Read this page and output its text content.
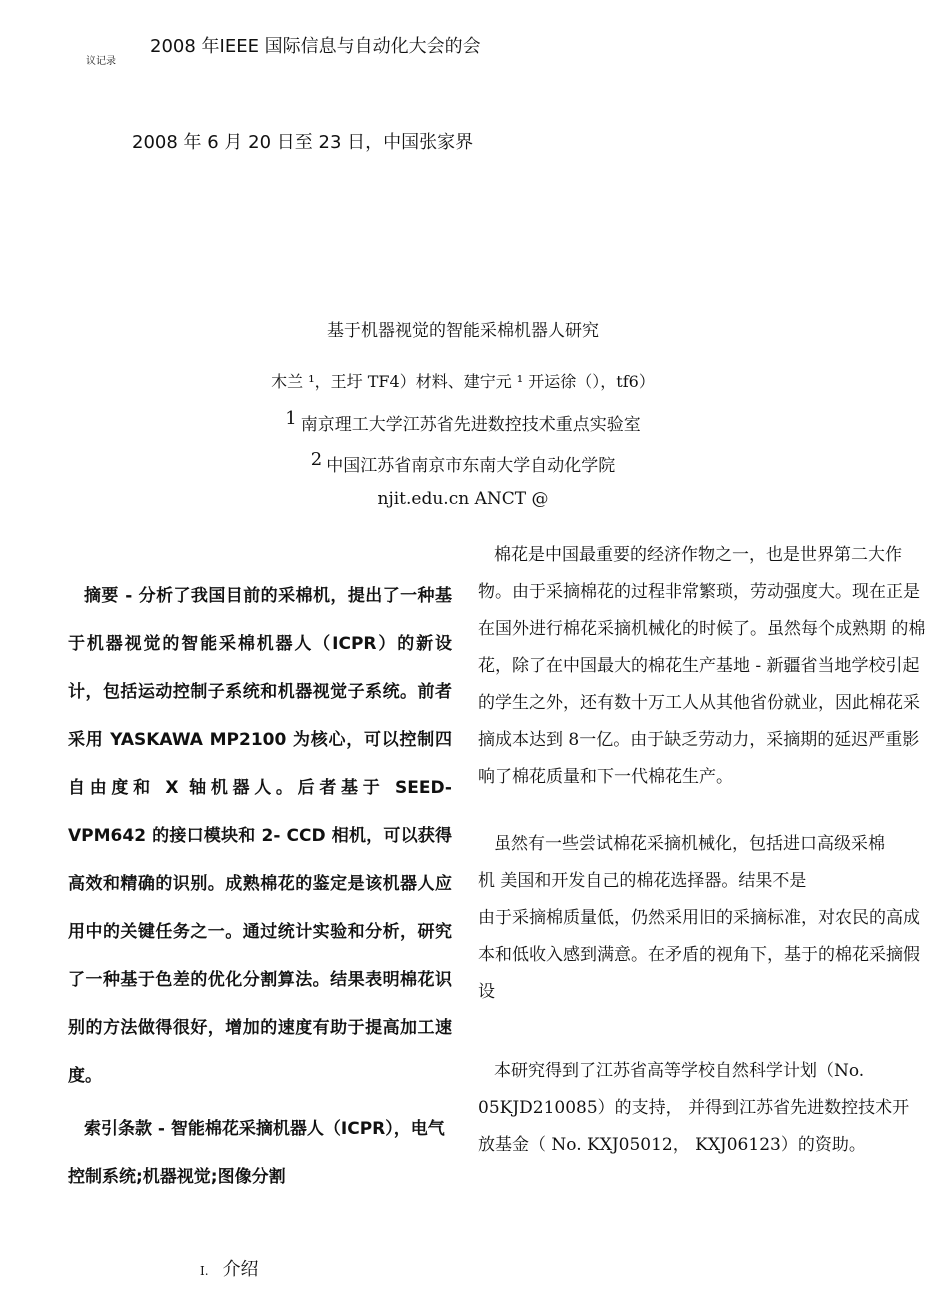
2008 年IEEE 国际信息与自动化大会的会
议记录
2008 年 6 月 20 日至 23 日，中国张家界
基于机器视觉的智能采棉机器人研究
木兰 ¹，王圩 TF4）材料、建宁元 ¹ 开运徐（），tf6）
$^1$ 南京理工大学江苏省先进数控技术重点实验室
$^2$ 中国江苏省南京市东南大学自动化学院
njit.edu.cn ANCT @
摘要 - 分析了我国目前的采棉机，提出了一种基于机器视觉的智能采棉机器人（ICPR）的新设计，包括运动控制子系统和机器视觉子系统。前者采用 YASKAWA MP2100 为核心，可以控制四自由度和 X 轴机器人。后者基于 SEED-VPM642 的接口模块和 2- CCD 相机，可以获得高效和精确的识别。成熟棉花的鉴定是该机器人应用中的关键任务之一。通过统计实验和分析，研究了一种基于色差的优化分割算法。结果表明棉花识别的方法做得很好，增加的速度有助于提高加工速度。
索引条款 - 智能棉花采摘机器人（ICPR），电气控制系统;机器视觉;图像分割

棉花是中国最重要的经济作物之一，也是世界第二大作物。由于采摘棉花的过程非常繁琐，劳动强度大。现在正是在国外进行棉花采摘机械化的时候了。虽然每个成熟期 的棉花，除了在中国最大的棉花生产基地 - 新疆省当地学校引起的学生之外，还有数十万工人从其他省份就业，因此棉花采摘成本达到 8一亿。由于缺乏劳动力，采摘期的延迟严重影响了棉花质量和下一代棉花生产。

虽然有一些尝试棉花采摘机械化，包括进口高级采棉

机 美国和开发自己的棉花选择器。结果不是

由于采摘棉质量低，仍然采用旧的采摘标准，对农民的高成本和低收入感到满意。在矛盾的视角下，基于的棉花采摘假设

本研究得到了江苏省高等学校自然科学计划（No. 05KJD210085）的支持， 并得到江苏省先进数控技术开放基金（ No. KXJ05012， KXJ06123）的资助。

I. 介绍
